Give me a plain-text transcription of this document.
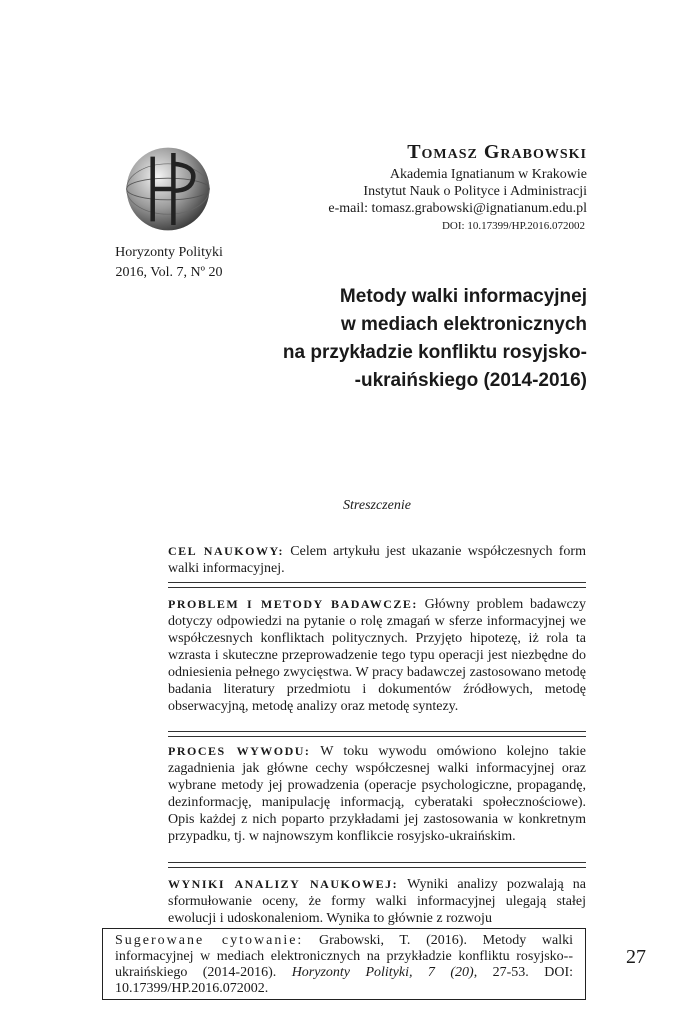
Horyzonty Polityki
2016, Vol. 7, Nº 20
Tomasz Grabowski
Akademia Ignatianum w Krakowie
Instytut Nauk o Polityce i Administracji
e-mail: tomasz.grabowski@ignatianum.edu.pl
DOI: 10.17399/HP.2016.072002
Metody walki informacyjnej
w mediach elektronicznych
na przykładzie konfliktu rosyjsko-
-ukraińskiego (2014-2016)
Streszczenie
CEL NAUKOWY: Celem artykułu jest ukazanie współczesnych form walki informacyjnej.
PROBLEM I METODY BADAWCZE: Główny problem badawczy dotyczy odpowiedzi na pytanie o rolę zmagań w sferze informacyjnej we współczesnych konfliktach politycznych. Przyjęto hipotezę, iż rola ta wzrasta i skuteczne przeprowadzenie tego typu operacji jest niezbędne do odniesienia pełnego zwycięstwa. W pracy badawczej zastosowano metodę badania literatury przedmiotu i dokumentów źródłowych, metodę obserwacyjną, metodę analizy oraz metodę syntezy.
PROCES WYWODU: W toku wywodu omówiono kolejno takie zagadnienia jak główne cechy współczesnej walki informacyjnej oraz wybrane metody jej prowadzenia (operacje psychologiczne, propagandę, dezinformację, manipulację informacją, cyberataki społecznościowe). Opis każdej z nich poparto przykładami jej zastosowania w konkretnym przypadku, tj. w najnowszym konflikcie rosyjsko-ukraińskim.
WYNIKI ANALIZY NAUKOWEJ: Wyniki analizy pozwalają na sformułowanie oceny, że formy walki informacyjnej ulegają stałej ewolucji i udoskonaleniom. Wynika to głównie z rozwoju
Sugerowane cytowanie: Grabowski, T. (2016). Metody walki informacyjnej w mediach elektronicznych na przykładzie konfliktu rosyjsko--ukraińskiego (2014-2016). Horyzonty Polityki, 7 (20), 27-53. DOI: 10.17399/HP.2016.072002.
27
